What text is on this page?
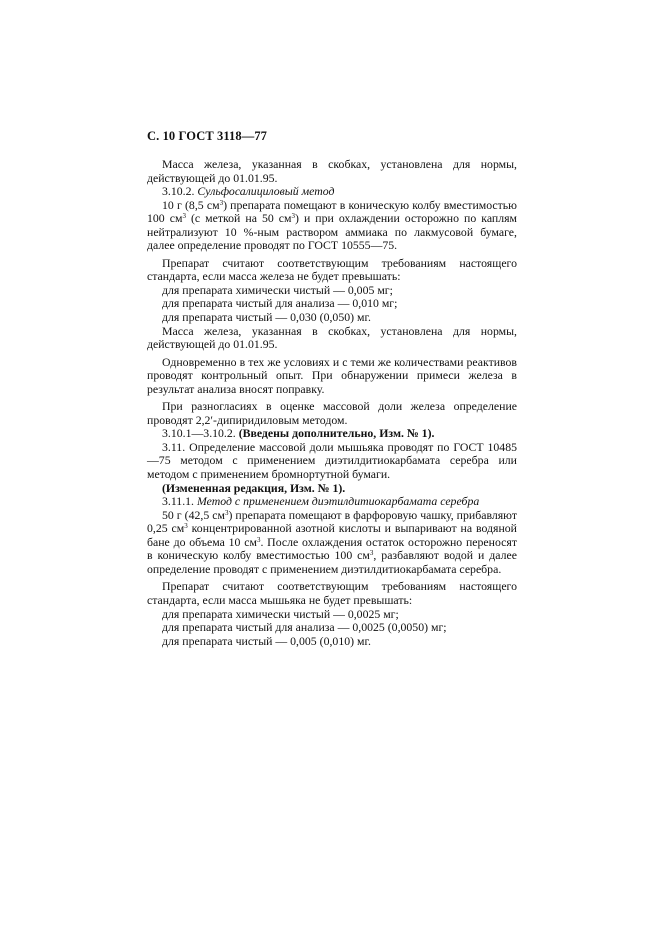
С. 10 ГОСТ 3118—77

Масса железа, указанная в скобках, установлена для нормы, действующей до 01.01.95.

3.10.2. Сульфосалициловый метод

10 г (8,5 $см^3$) препарата помещают в коническую колбу вместимостью 100 $см^3$ (с меткой на 50 $см^3$) и при охлаждении осторожно по каплям нейтрализуют 10 %-ным раствором аммиака по лакмусовой бумаге, далее определение проводят по ГОСТ 10555—75.

Препарат считают соответствующим требованиям настоящего стандарта, если масса железа не будет превышать:

для препарата химически чистый — 0,005 мг;

для препарата чистый для анализа — 0,010 мг;

для препарата чистый — 0,030 (0,050) мг.

Масса железа, указанная в скобках, установлена для нормы, действующей до 01.01.95.

Одновременно в тех же условиях и с теми же количествами реактивов проводят контрольный опыт. При обнаружении примеси железа в результат анализа вносят поправку.

При разногласиях в оценке массовой доли железа определение проводят 2,2′-дипиридиловым методом.

3.10.1—3.10.2. (Введены дополнительно, Изм. № 1).

3.11. Определение массовой доли мышьяка проводят по ГОСТ 10485—75 методом с применением диэтилдитиокарбамата серебра или методом с применением бромнортутной бумаги.

(Измененная редакция, Изм. № 1).

3.11.1. Метод с применением диэтилдитиокарбамата серебра

50 г (42,5 $см^3$) препарата помещают в фарфоровую чашку, прибавляют 0,25 $см^3$ концентрированной азотной кислоты и выпаривают на водяной бане до объема 10 $см^3$. После охлаждения остаток осторожно переносят в коническую колбу вместимостью 100 $см^3$, разбавляют водой и далее определение проводят с применением диэтилдитиокарбамата серебра.

Препарат считают соответствующим требованиям настоящего стандарта, если масса мышьяка не будет превышать:

для препарата химически чистый — 0,0025 мг;

для препарата чистый для анализа — 0,0025 (0,0050) мг;

для препарата чистый — 0,005 (0,010) мг.
